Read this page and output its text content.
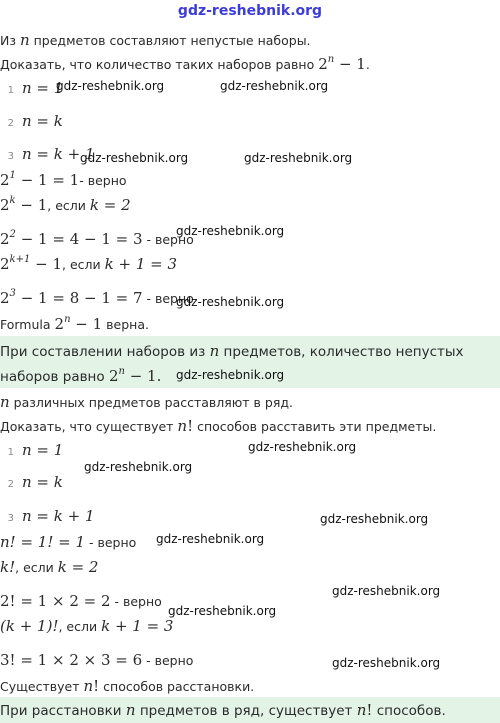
gdz-reshebnik.org
Из n предметов составляют непустые наборы.
Доказать, что количество таких наборов равно $2^n - 1$.
1 n = 1
2 n = k
3 n = k + 1
$2^1 - 1 = 1-$ верно
$2^k - 1$, если k = 2
$2^2 - 1 = 4 - 1 = 3$ - верно
$2^{k+1} - 1$, если k + 1 = 3
$2^3 - 1 = 8 - 1 = 7$ - верно
Formula $2^n - 1$ верна.
При составлении наборов из n предметов, количество непустых
наборов равно $2^n - 1$.
n различных предметов расставляют в ряд.
Доказать, что существует n! способов расставить эти предметы.
1 n = 1
2 n = k
3 n = k + 1
n! = 1! = 1 - верно
k!, если k = 2
2! = 1 × 2 = 2 - верно
(k + 1)!, если k + 1 = 3
3! = 1 × 2 × 3 = 6 - верно
Существует n! способов расстановки.
При расстановки n предметов в ряд, существует n! способов.
gdz-reshebnik.org	gdz-reshebnik.org
gdz-reshebnik.org	gdz-reshebnik.org
gdz-reshebnik.org
gdz-reshebnik.org
gdz-reshebnik.org
gdz-reshebnik.org
gdz-reshebnik.org
gdz-reshebnik.org
gdz-reshebnik.org
gdz-reshebnik.org
gdz-reshebnik.org
gdz-reshebnik.org
